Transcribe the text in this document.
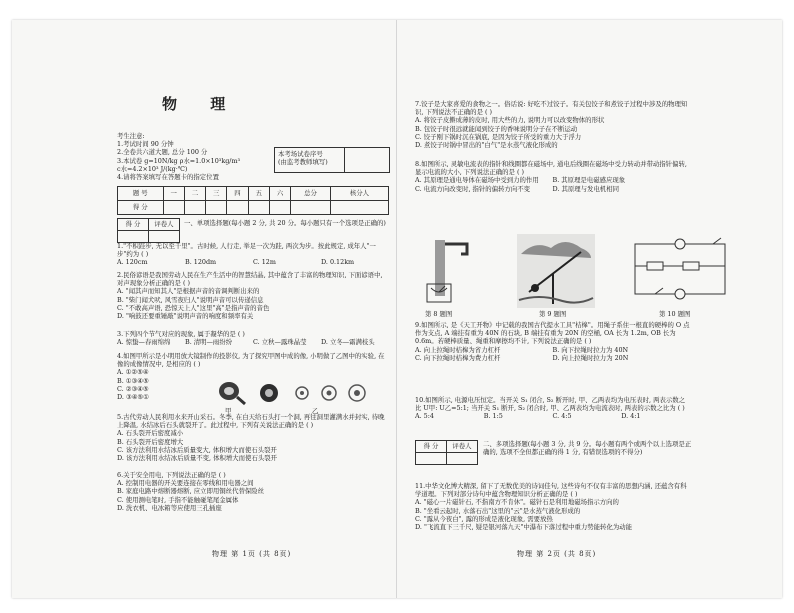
物 理
考生注意:
1.考试时间 90 分钟
2.全卷共六道大题, 总分 100 分
3.本试卷 g=10N/kg ρ水=1.0×10³kg/m³
c水=4.2×10³ J/(kg·℃)
4.请将答案填写在答题卡的指定位置
本考场试卷序号
(由监考教师填写)
题 号	一	二	三	四	五	六	总分	核分人
得 分								
得 分	评卷人
	一、单项选择题(每小题 2 分, 共 20 分。每小题只有一个选项是正确的)
1."不积跬步, 无以至千里"。古时候, 人行走, 举足一次为跬, 两次为步。按此规定, 成年人"一步"约为 ( )
A. 120cm	B. 120dm	C. 12m	D. 0.12km
2.民俗谚语是我国劳动人民在生产生活中的智慧结晶, 其中蕴含了丰富的物理知识, 下面谚语中, 对声现象分析正确的是 ( )
A. "闻其声而知其人"是根据声音的音调判断出来的
B. "柴门闻犬吠, 风雪夜归人"说明声音可以传递信息
C. "不敢高声语, 恐惊天上人"这里"高"是指声音的音色
D. "响鼓还要重锤敲"说明声音的响度和频率有关
3.下列四个节气对应的现象, 属于凝华的是 ( )
A. 惊蛰—春雨绵绵	B. 清明—雨纷纷	C. 立秋—露珠晶莹	D. 立冬—霜满枝头
4.如图甲所示是小明用放大镜制作的投影仪, 为了探究甲图中成的像, 小明做了乙图中的实验, 在像的成像情况中, 是相应的 ( )
A. ①②⑤④
B. ①③④⑤
C. ②③④⑤
D. ③④⑤①
甲	乙
5.古代劳动人民利用水来开山采石。冬季, 在白天给石头打一个洞, 再往洞里灌满水并封实, 待晚上降温, 水结冰后石头就裂开了。此过程中, 下列有关说法正确的是 ( )
A. 石头裂开后密度减小
B. 石头裂开后密度增大
C. 该方法利用水结冰后质量变大, 体积增大而使石头裂开
D. 该方法利用水结冰后质量不变, 体积增大而使石头裂开
6.关于安全用电, 下列说法正确的是 ( )
A. 控制用电器的开关要连接在零线和用电器之间
B. 家庭电路中熔断器熔断, 应立即用铜丝代替保险丝
C. 使用测电笔时, 手指不能触碰笔尾金属体
D. 洗衣机、电冰箱等应使用三孔插座
物理 第 1页 (共 8页)
7.饺子是大家喜爱的食物之一。俗话说: 好吃不过饺子。有关包饺子和煮饺子过程中涉及的物理知识, 下列说法不正确的是 ( )
A. 将饺子皮擀成薄的皮时, 用大些的力, 说明力可以改变物体的形状
B. 包饺子时很远就能闻到饺子的香味说明分子在不断运动
C. 饺子刚下锅时沉在锅底, 是因为饺子所受的重力大于浮力
D. 煮饺子时锅中冒出的"白气"是水蒸气液化形成的
8.如图所示, 灵敏电流表的指针和线圈都在磁场中, 通电后线圈在磁场中受力转动并带动指针偏转, 显示电流的大小, 下列说法正确的是 ( )
A. 其原理是通电导体在磁场中受到力的作用	B. 其原理是电磁感应现象
C. 电流方向改变时, 指针的偏转方向不变	D. 其原理与发电机相同
第 8 题图	第 9 题图	第 10 题图
9.如图所示, 是《天工开物》中记载的我国古代提水工具"桔槔"。用绳子系住一根直的硬棒的 O 点作为支点, A 端挂有重为 40N 的石块, B 端挂有重为 20N 的空桶, OA 长为 1.2m, OB 长为 0.6m。若硬棒质量、绳重和摩擦均不计, 下列说法正确的是 ( )
A. 向上拉绳时桔槔为省力杠杆	B. 向下拉绳时拉力为 40N
C. 向下拉绳时桔槔为费力杠杆	D. 向上拉绳时拉力为 20N
10.如图所示, 电源电压恒定。当开关 S₁ 闭合, S₂ 断开时, 甲、乙两表均为电压表时, 两表示数之比 U甲: U乙=5:1; 当开关 S₁ 断开, S₂ 闭合时, 甲、乙两表均为电流表时, 两表的示数之比为 ( )
A. 5:4	B. 1:5	C. 4:5	D. 4:1
得 分	评卷人
	二、多项选择题(每小题 3 分, 共 9 分。每小题有两个或两个以上选项是正确的, 选项不全但都正确的得 1 分, 有错误选项的不得分)
11.中华文化博大精深, 留下了无数优美的诗词佳句, 这些诗句不仅有丰富的思想内涵, 还蕴含有科学道理。下列对部分诗句中蕴含物理知识分析正确的是 ( )
A. "磁心一片磁针石, 不指南方不肯休"。磁针石是利用地磁场指示方向的
B. "坐看云起时, 水落石出"这里的"云"是水蒸气液化形成的
C. "露从今夜白", 露的形成是液化现象, 需要放热
D. "飞流直下三千尺, 疑是银河落九天"中瀑布下落过程中重力势能转化为动能
物理 第 2页 (共 8页)
